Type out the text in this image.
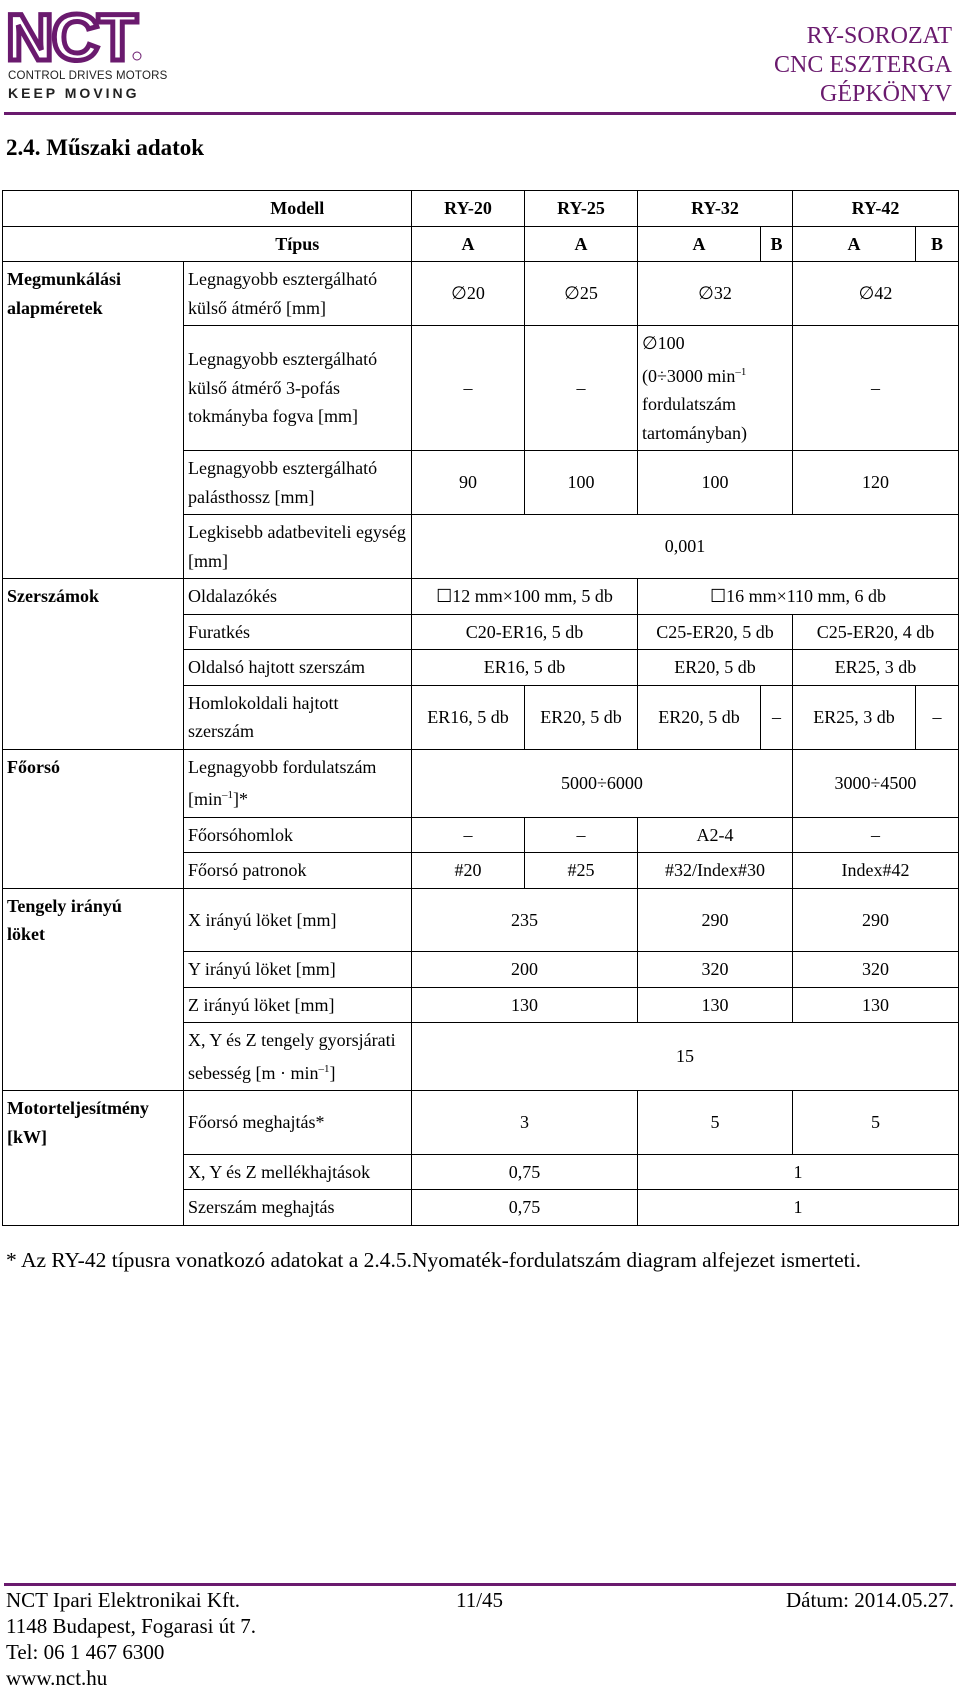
NCT
CONTROL DRIVES MOTORS
KEEP MOVING
RY-SOROZAT
CNC ESZTERGA
GÉPKÖNYV
2.4. Műszaki adatok
	Modell	RY-20	RY-25	RY-32		RY-42	
	Típus	A	A	A	B	A	B
Megmunkálási
alapméretek	Legnagyobb esztergálható külső átmérő [mm]	∅20	∅25	∅32		∅42	
	Legnagyobb esztergálható külső átmérő 3-pofás tokmányba fogva [mm]	–	–	∅100
(0÷3000 $\min^{-1}$
fordulatszám
tartományban)		–	
	Legnagyobb esztergálható palásthossz [mm]	90	100	100		120	
	Legkisebb adatbeviteli egység [mm]	0,001					
Szerszámok	Oldalazókés	☐12 mm×100 mm, 5 db		☐16 mm×110 mm, 6 db			
	Furatkés	C20-ER16, 5 db		C25-ER20, 5 db		C25-ER20, 4 db	
	Oldalsó hajtott szerszám	ER16, 5 db		ER20, 5 db		ER25, 3 db	
	Homlokoldali hajtott szerszám	ER16, 5 db	ER20, 5 db	ER20, 5 db	–	ER25, 3 db	–
Főorsó	Legnagyobb fordulatszám $[\min^{-1}]*$	5000÷6000				3000÷4500	
	Főorsóhomlok	–	–	A2-4		–	
	Főorsó patronok	#20	#25	#32/Index#30		Index#42	
Tengely irányú
löket	X irányú löket [mm]	235		290		290	
	Y irányú löket [mm]	200		320		320	
	Z irányú löket [mm]	130		130		130	
	X, Y és Z tengely gyorsjárati sebesség $[m \cdot \min^{-1}]$	15					
Motorteljesítmény
[kW]	Főorsó meghajtás*	3		5		5	
	X, Y és Z mellékhajtások	0,75		1			
	Szerszám meghajtás	0,75		1			
* Az RY-42 típusra vonatkozó adatokat a 2.4.5.Nyomaték-fordulatszám diagram alfejezet ismerteti.
NCT Ipari Elektronikai Kft.	11/45	Dátum: 2014.05.27.
1148 Budapest, Fogarasi út 7.
Tel: 06 1 467 6300
www.nct.hu
